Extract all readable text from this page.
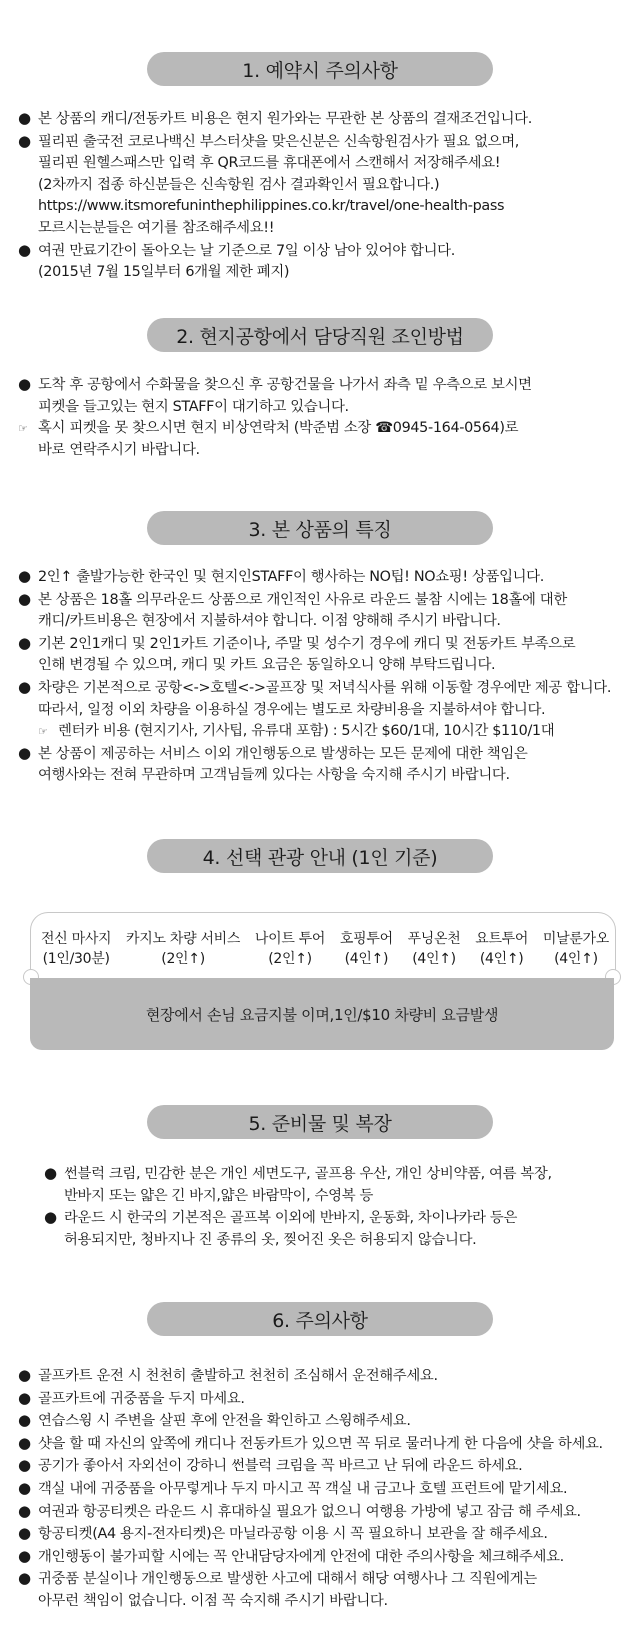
1. 예약시 주의사항
● 본 상품의 캐디/전동카트 비용은 현지 원가와는 무관한 본 상품의 결재조건입니다.
● 필리핀 출국전 코로나백신 부스터샷을 맞은신분은 신속항원검사가 필요 없으며,
필리핀 원헬스패스만 입력 후 QR코드를 휴대폰에서 스캔해서 저장해주세요!
(2차까지 접종 하신분들은 신속항원 검사 결과확인서 필요합니다.)
https://www.itsmorefuninthephilippines.co.kr/travel/one-health-pass
모르시는분들은 여기를 참조해주세요!!
● 여권 만료기간이 돌아오는 날 기준으로 7일 이상 남아 있어야 합니다.
(2015년 7월 15일부터 6개월 제한 폐지)
2. 현지공항에서 담당직원 조인방법
● 도착 후 공항에서 수화물을 찾으신 후 공항건물을 나가서 좌측 밑 우측으로 보시면
피켓을 들고있는 현지 STAFF이 대기하고 있습니다.
☞ 혹시 피켓을 못 찾으시면 현지 비상연락처 (박준범 소장 ☎0945-164-0564)로
바로 연락주시기 바랍니다.
3. 본 상품의 특징
● 2인↑ 출발가능한 한국인 및 현지인STAFF이 행사하는 NO팁! NO쇼핑! 상품입니다.
● 본 상품은 18홀 의무라운드 상품으로 개인적인 사유로 라운드 불참 시에는 18홀에 대한
캐디/카트비용은 현장에서 지불하셔야 합니다. 이점 양해해 주시기 바랍니다.
● 기본 2인1캐디 및 2인1카트 기준이나, 주말 및 성수기 경우에 캐디 및 전동카트 부족으로
인해 변경될 수 있으며, 캐디 및 카트 요금은 동일하오니 양해 부탁드립니다.
● 차량은 기본적으로 공항<->호텔<->골프장 및 저녁식사를 위해 이동할 경우에만 제공 합니다.
따라서, 일정 이외 차량을 이용하실 경우에는 별도로 차량비용을 지불하셔야 합니다.
☞ 렌터카 비용 (현지기사, 기사팁, 유류대 포함) : 5시간 $60/1대, 10시간 $110/1대
● 본 상품이 제공하는 서비스 이외 개인행동으로 발생하는 모든 문제에 대한 책임은
여행사와는 전혀 무관하며 고객님들께 있다는 사항을 숙지해 주시기 바랍니다.
4. 선택 관광 안내 (1인 기준)
전신 마사지
(1인/30분)
카지노 차량 서비스
(2인↑)
나이트 투어
(2인↑)
호핑투어
(4인↑)
푸닝온천
(4인↑)
요트투어
(4인↑)
미날룬가오
(4인↑)
현장에서 손님 요금지불 이며,1인/$10 차량비 요금발생
5. 준비물 및 복장
● 썬블럭 크림, 민감한 분은 개인 세면도구, 골프용 우산, 개인 상비약품, 여름 복장,
반바지 또는 얇은 긴 바지,얇은 바람막이, 수영복 등
● 라운드 시 한국의 기본적은 골프복 이외에 반바지, 운동화, 차이나카라 등은
허용되지만, 청바지나 진 종류의 옷, 찢어진 옷은 허용되지 않습니다.
6. 주의사항
● 골프카트 운전 시 천천히 출발하고 천천히 조심해서 운전해주세요.
● 골프카트에 귀중품을 두지 마세요.
● 연습스윙 시 주변을 살핀 후에 안전을 확인하고 스윙해주세요.
● 샷을 할 때 자신의 앞쪽에 캐디나 전동카트가 있으면 꼭 뒤로 물러나게 한 다음에 샷을 하세요.
● 공기가 좋아서 자외선이 강하니 썬블럭 크림을 꼭 바르고 난 뒤에 라운드 하세요.
● 객실 내에 귀중품을 아무렇게나 두지 마시고 꼭 객실 내 금고나 호텔 프런트에 맡기세요.
● 여권과 항공티켓은 라운드 시 휴대하실 필요가 없으니 여행용 가방에 넣고 잠금 해 주세요.
● 항공티켓(A4 용지-전자티켓)은 마닐라공항 이용 시 꼭 필요하니 보관을 잘 해주세요.
● 개인행동이 불가피할 시에는 꼭 안내담당자에게 안전에 대한 주의사항을 체크해주세요.
● 귀중품 분실이나 개인행동으로 발생한 사고에 대해서 해당 여행사나 그 직원에게는
아무런 책임이 없습니다. 이점 꼭 숙지해 주시기 바랍니다.
